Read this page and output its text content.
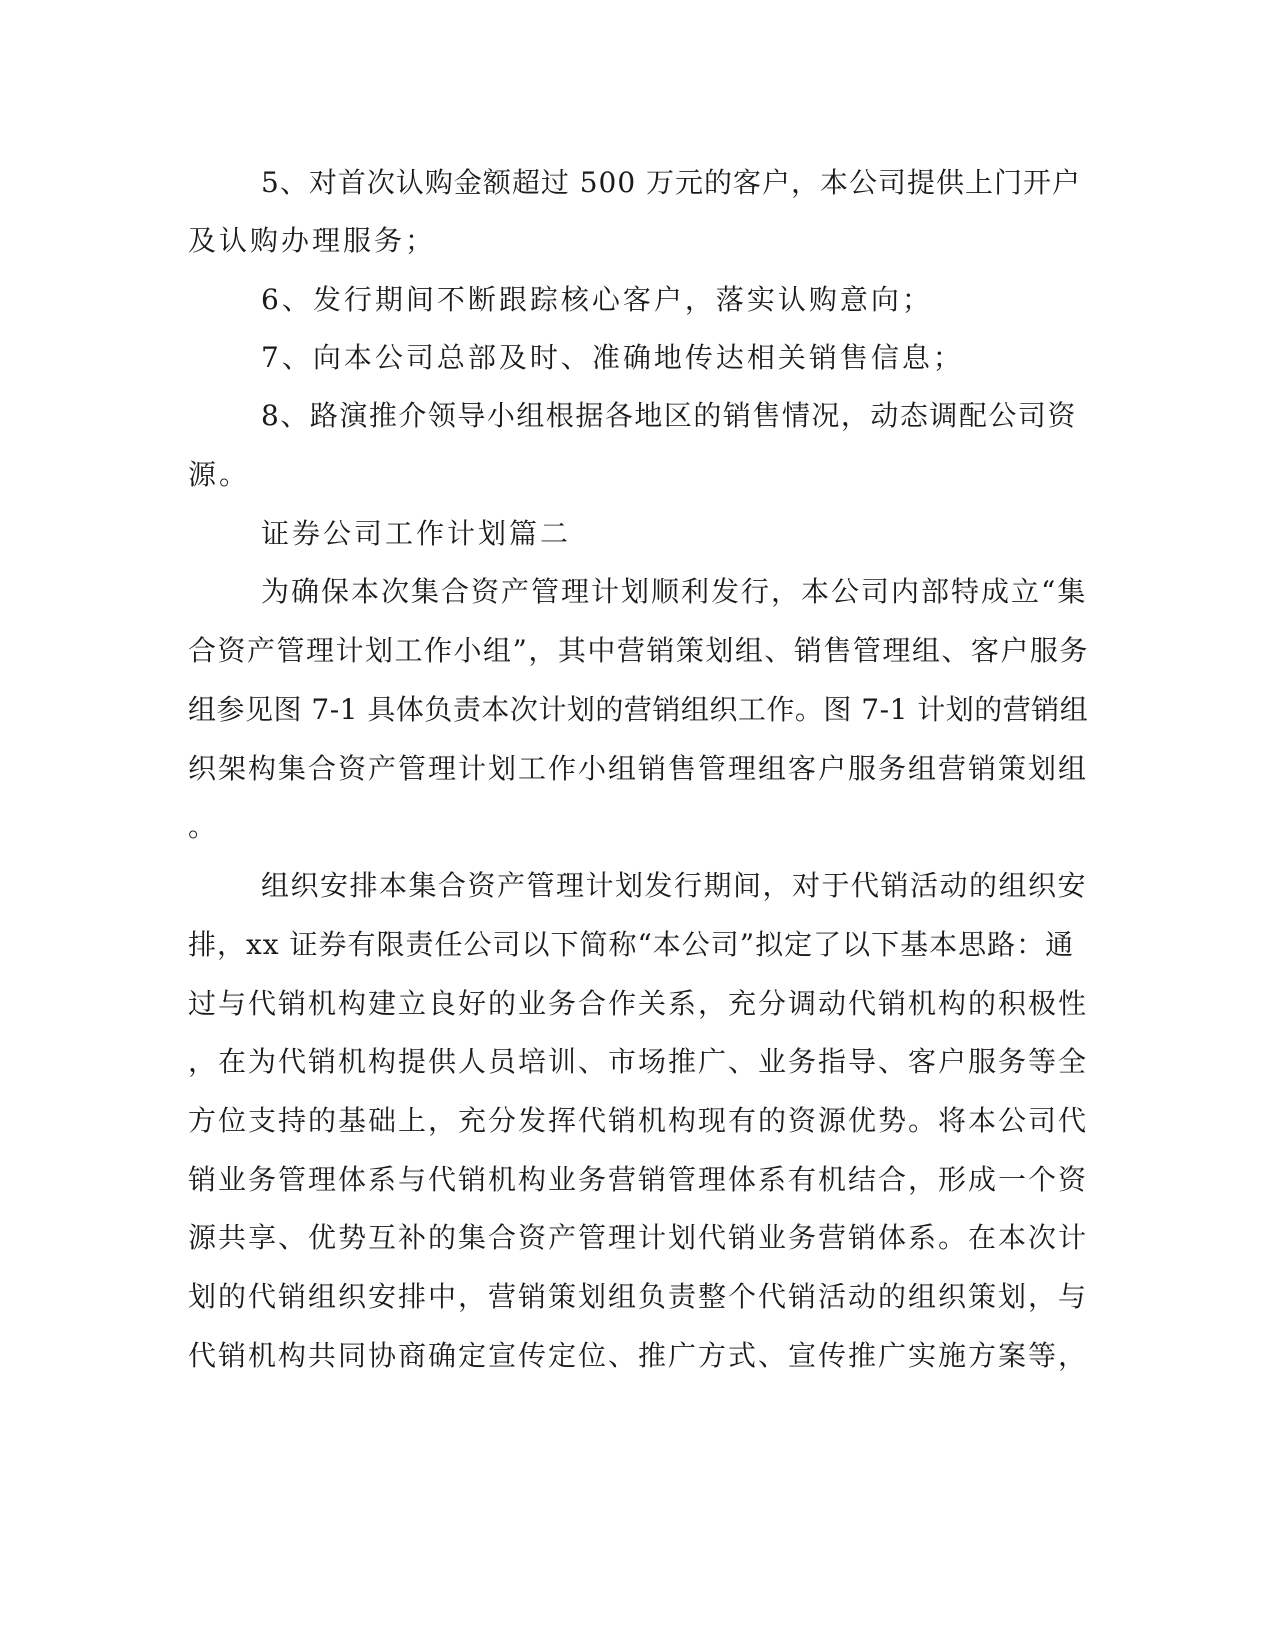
5、对首次认购金额超过 500 万元的客户，本公司提供上门开户
及认购办理服务；
6、发行期间不断跟踪核心客户，落实认购意向；
7、向本公司总部及时、准确地传达相关销售信息；
8、路演推介领导小组根据各地区的销售情况，动态调配公司资
源。
证券公司工作计划篇二
为确保本次集合资产管理计划顺利发行，本公司内部特成立“集
合资产管理计划工作小组”，其中营销策划组、销售管理组、客户服务
组参见图 7-1 具体负责本次计划的营销组织工作。图 7-1 计划的营销组
织架构集合资产管理计划工作小组销售管理组客户服务组营销策划组
。
组织安排本集合资产管理计划发行期间，对于代销活动的组织安
排，xx 证券有限责任公司以下简称“本公司”拟定了以下基本思路：通
过与代销机构建立良好的业务合作关系，充分调动代销机构的积极性
，在为代销机构提供人员培训、市场推广、业务指导、客户服务等全
方位支持的基础上，充分发挥代销机构现有的资源优势。将本公司代
销业务管理体系与代销机构业务营销管理体系有机结合，形成一个资
源共享、优势互补的集合资产管理计划代销业务营销体系。在本次计
划的代销组织安排中，营销策划组负责整个代销活动的组织策划，与
代销机构共同协商确定宣传定位、推广方式、宣传推广实施方案等，
